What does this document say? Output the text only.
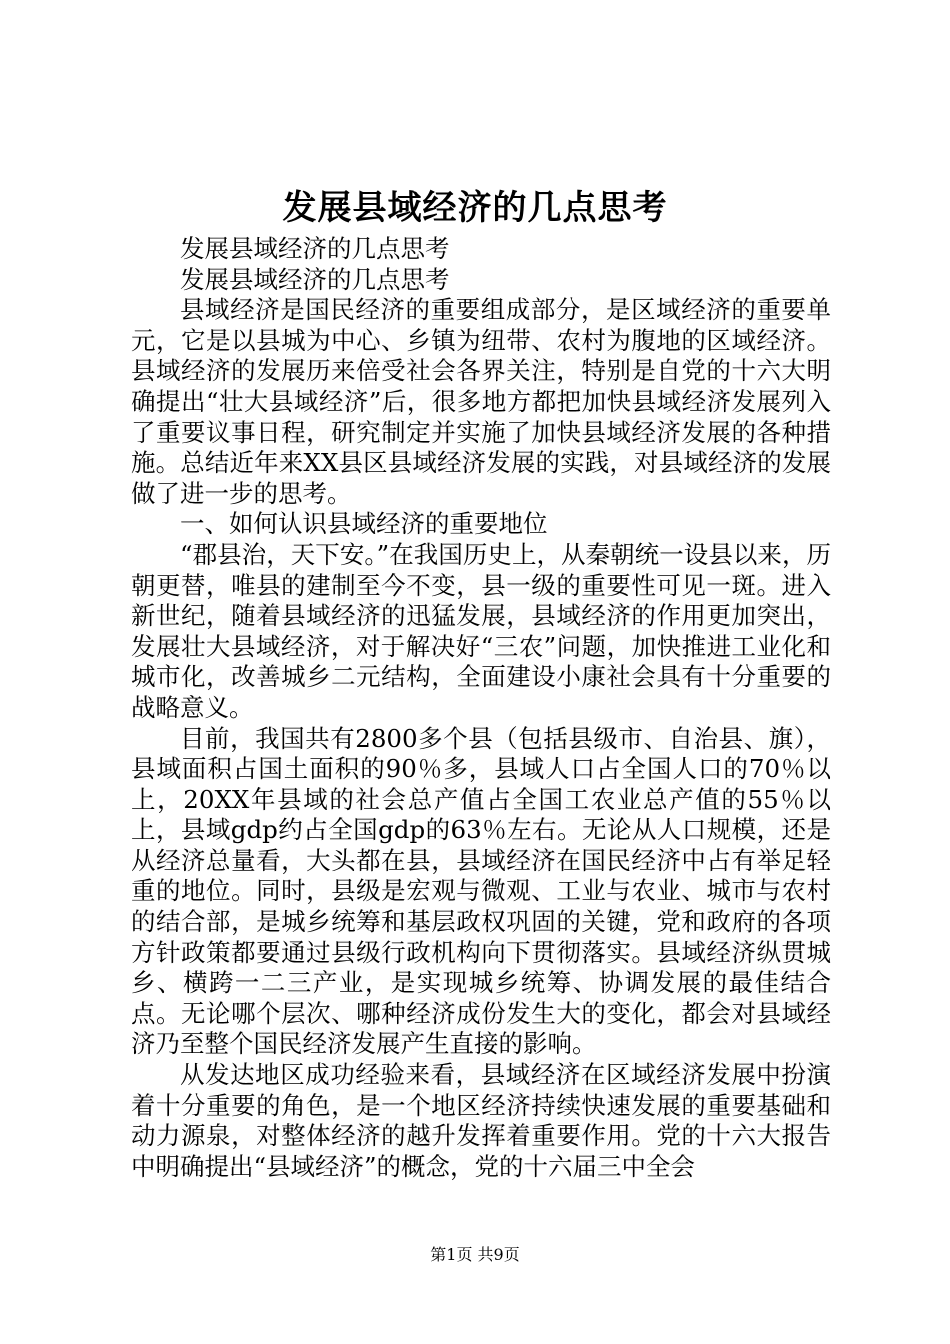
发展县域经济的几点思考

发展县域经济的几点思考

发展县域经济的几点思考

县域经济是国民经济的重要组成部分，是区域经济的重要单元，它是以县城为中心、乡镇为纽带、农村为腹地的区域经济。县域经济的发展历来倍受社会各界关注，特别是自党的十六大明确提出“壮大县域经济”后，很多地方都把加快县域经济发展列入了重要议事日程，研究制定并实施了加快县域经济发展的各种措施。总结近年来XX县区县域经济发展的实践，对县域经济的发展做了进一步的思考。

一、如何认识县域经济的重要地位

“郡县治，天下安。”在我国历史上，从秦朝统一设县以来，历朝更替，唯县的建制至今不变，县一级的重要性可见一斑。进入新世纪，随着县域经济的迅猛发展，县域经济的作用更加突出，发展壮大县域经济，对于解决好“三农”问题，加快推进工业化和城市化，改善城乡二元结构，全面建设小康社会具有十分重要的战略意义。

目前，我国共有2800多个县（包括县级市、自治县、旗），县域面积占国土面积的90％多，县域人口占全国人口的70％以上，20XX年县域的社会总产值占全国工农业总产值的55％以上，县域gdp约占全国gdp的63％左右。无论从人口规模，还是从经济总量看，大头都在县，县域经济在国民经济中占有举足轻重的地位。同时，县级是宏观与微观、工业与农业、城市与农村的结合部，是城乡统筹和基层政权巩固的关键，党和政府的各项方针政策都要通过县级行政机构向下贯彻落实。县域经济纵贯城乡、横跨一二三产业，是实现城乡统筹、协调发展的最佳结合点。无论哪个层次、哪种经济成份发生大的变化，都会对县域经济乃至整个国民经济发展产生直接的影响。

从发达地区成功经验来看，县域经济在区域经济发展中扮演着十分重要的角色，是一个地区经济持续快速发展的重要基础和动力源泉，对整体经济的越升发挥着重要作用。党的十六大报告中明确提出“县域经济”的概念，党的十六届三中全会

第1页 共9页
